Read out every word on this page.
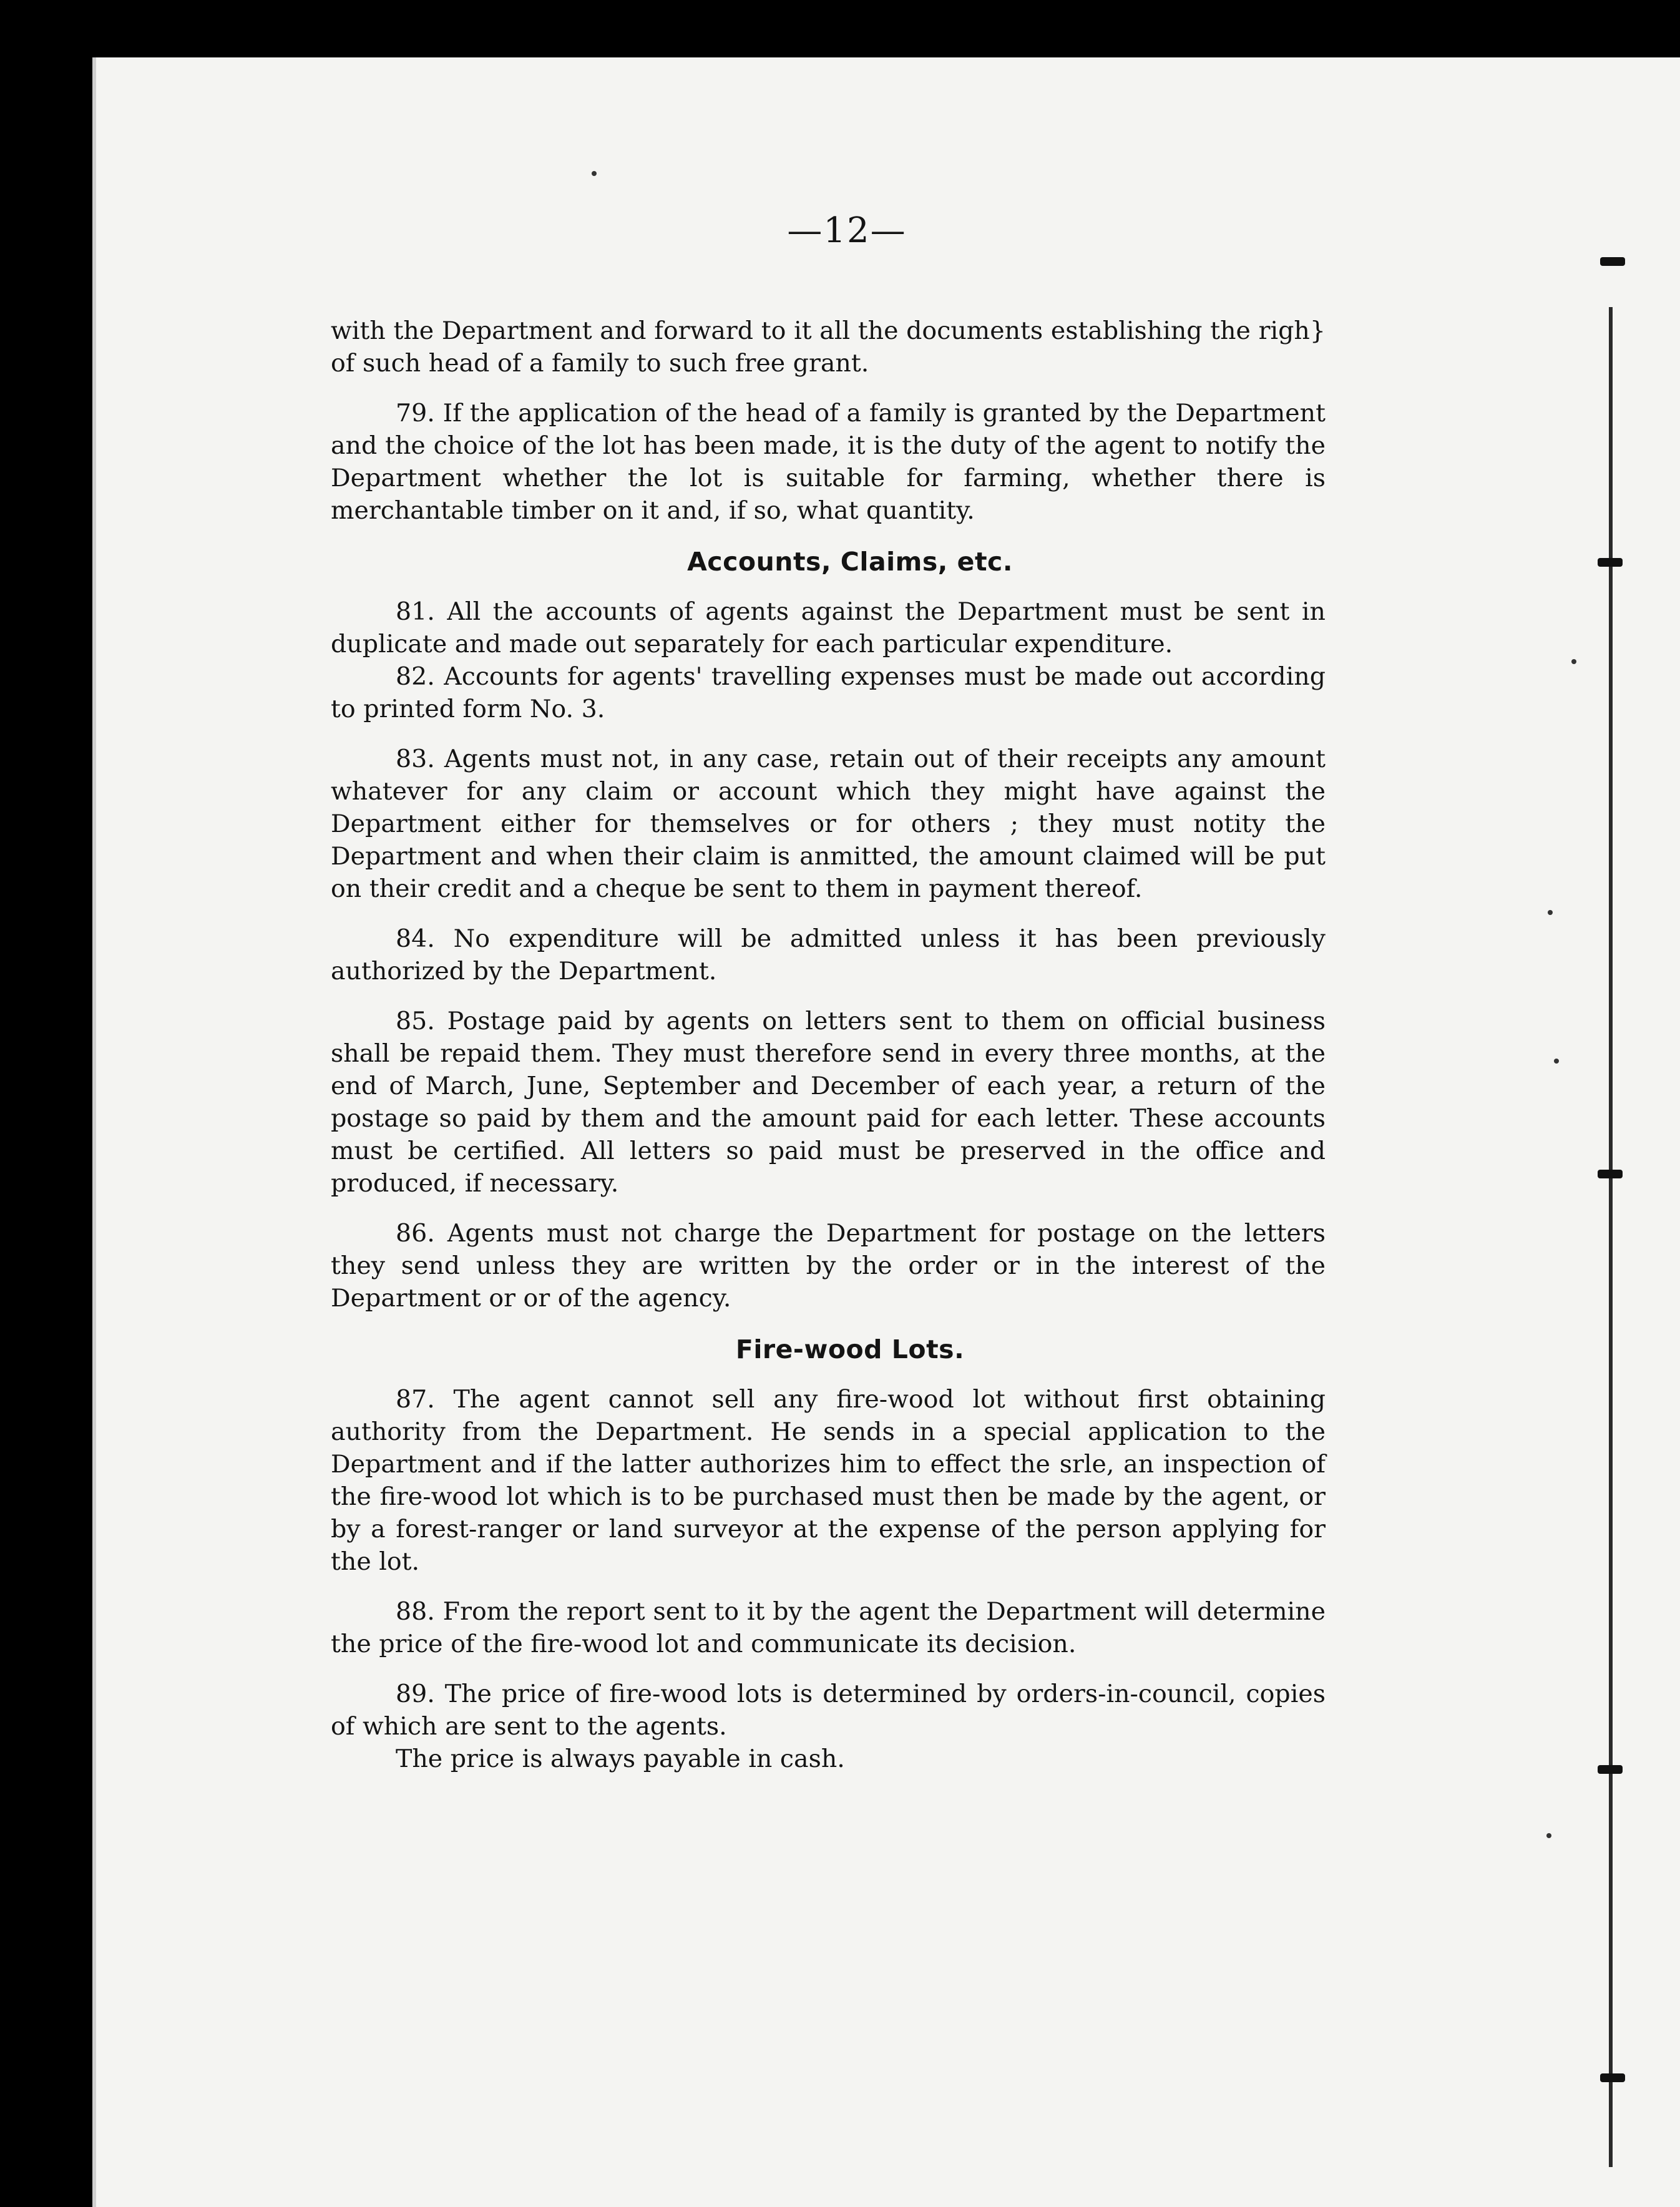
—12—

with the Department and forward to it all the documents establishing the righ} of such head of a family to such free grant.

79. If the application of the head of a family is granted by the Department and the choice of the lot has been made, it is the duty of the agent to notify the Department whether the lot is suitable for farming, whether there is merchantable timber on it and, if so, what quantity.

Accounts, Claims, etc.

81. All the accounts of agents against the Department must be sent in duplicate and made out separately for each particular expenditure.

82. Accounts for agents' travelling expenses must be made out according to printed form No. 3.

83. Agents must not, in any case, retain out of their receipts any amount whatever for any claim or account which they might have against the Department either for themselves or for others ; they must notity the Department and when their claim is anmitted, the amount claimed will be put on their credit and a cheque be sent to them in payment thereof.

84. No expenditure will be admitted unless it has been previously authorized by the Department.

85. Postage paid by agents on letters sent to them on official business shall be repaid them. They must therefore send in every three months, at the end of March, June, September and December of each year, a return of the postage so paid by them and the amount paid for each letter. These accounts must be certified. All letters so paid must be preserved in the office and produced, if necessary.

86. Agents must not charge the Department for postage on the letters they send unless they are written by the order or in the interest of the Department or or of the agency.

Fire-wood Lots.

87. The agent cannot sell any fire-wood lot without first obtaining authority from the Department. He sends in a special application to the Department and if the latter authorizes him to effect the srle, an inspection of the fire-wood lot which is to be purchased must then be made by the agent, or by a forest-ranger or land surveyor at the expense of the person applying for the lot.

88. From the report sent to it by the agent the Department will determine the price of the fire-wood lot and communicate its decision.

89. The price of fire-wood lots is determined by orders-in-council, copies of which are sent to the agents.

The price is always payable in cash.
